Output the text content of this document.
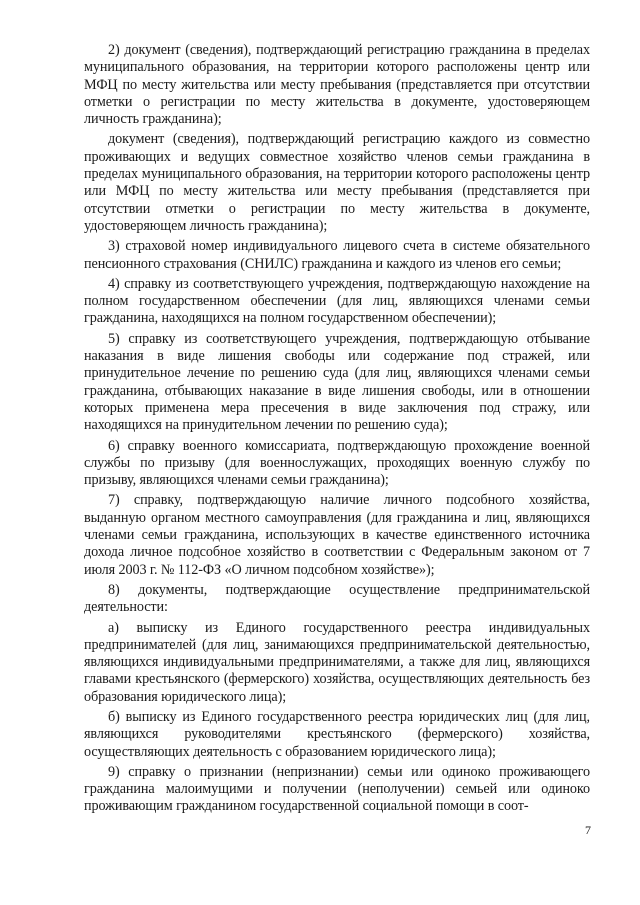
2) документ (сведения), подтверждающий регистрацию гражданина в пределах муниципального образования, на территории которого расположены центр или МФЦ по месту жительства или месту пребывания (представляется при отсутствии отметки о регистрации по месту жительства в документе, удостоверяющем личность гражданина);

документ (сведения), подтверждающий регистрацию каждого из совместно проживающих и ведущих совместное хозяйство членов семьи гражданина в пределах муниципального образования, на территории которого расположены центр или МФЦ по месту жительства или месту пребывания (представляется при отсутствии отметки о регистрации по месту жительства в документе, удостоверяющем личность гражданина);

3) страховой номер индивидуального лицевого счета в системе обязательного пенсионного страхования (СНИЛС) гражданина и каждого из членов его семьи;

4) справку из соответствующего учреждения, подтверждающую нахождение на полном государственном обеспечении (для лиц, являющихся членами семьи гражданина, находящихся на полном государственном обеспечении);

5) справку из соответствующего учреждения, подтверждающую отбывание наказания в виде лишения свободы или содержание под стражей, или принудительное лечение по решению суда (для лиц, являющихся членами семьи гражданина, отбывающих наказание в виде лишения свободы, или в отношении которых применена мера пресечения в виде заключения под стражу, или находящихся на принудительном лечении по решению суда);

6) справку военного комиссариата, подтверждающую прохождение военной службы по призыву (для военнослужащих, проходящих военную службу по призыву, являющихся членами семьи гражданина);

7) справку, подтверждающую наличие личного подсобного хозяйства, выданную органом местного самоуправления (для гражданина и лиц, являющихся членами семьи гражданина, использующих в качестве единственного источника дохода личное подсобное хозяйство в соответствии с Федеральным законом от 7 июля 2003 г. № 112-ФЗ «О личном подсобном хозяйстве»);

8) документы, подтверждающие осуществление предпринимательской деятельности:

а) выписку из Единого государственного реестра индивидуальных предпринимателей (для лиц, занимающихся предпринимательской деятельностью, являющихся индивидуальными предпринимателями, а также для лиц, являющихся главами крестьянского (фермерского) хозяйства, осуществляющих деятельность без образования юридического лица);

б) выписку из Единого государственного реестра юридических лиц (для лиц, являющихся руководителями крестьянского (фермерского) хозяйства, осуществляющих деятельность с образованием юридического лица);

9) справку о признании (непризнании) семьи или одиноко проживающего гражданина малоимущими и получении (неполучении) семьей или одиноко проживающим гражданином государственной социальной помощи в соот-

7
